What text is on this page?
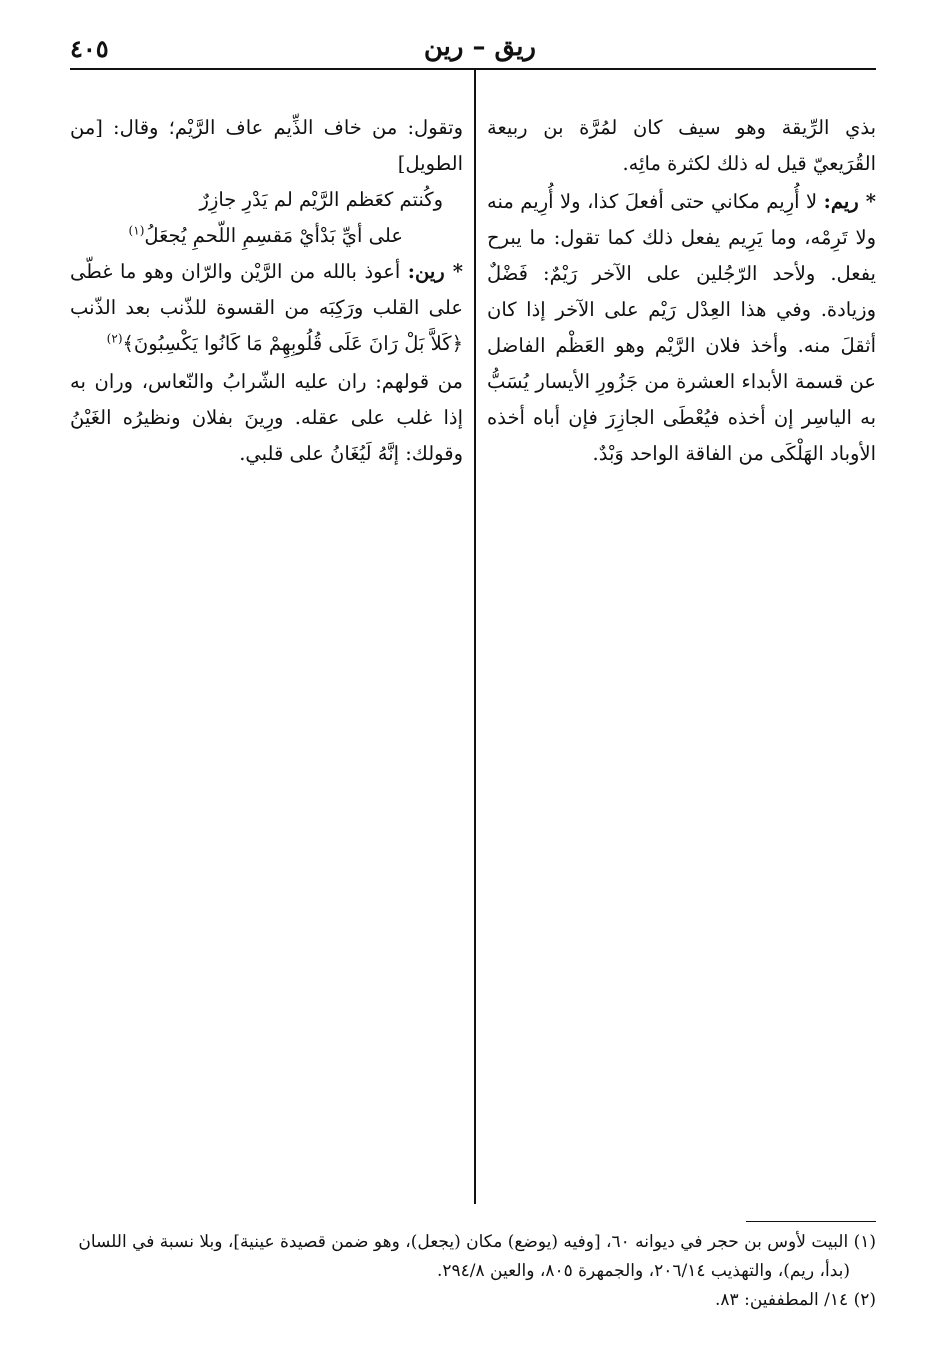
ريق – رين
٤٠٥

بذي الرِّيقة وهو سيف كان لمُرَّة بن ربيعة القُرَيعيّ قيل له ذلك لكثرة مائِه.

* ريم: لا أُرِيم مكاني حتى أفعلَ كذا، ولا أُرِيم منه ولا تَرِمْه، وما يَرِيم يفعل ذلك كما تقول: ما يبرح يفعل. ولأحد الرّجُلين على الآخر رَيْمٌ: فَضْلٌ وزيادة. وفي هذا العِدْل رَيْم على الآخر إذا كان أثقلَ منه. وأخذ فلان الرَّيْم وهو العَظْم الفاضل عن قسمة الأبداء العشرة من جَزُورِ الأيسار يُسَبُّ به الياسِر إن أخذه فيُعْطَى الجازِرَ فإن أباه أخذه الأوباد الهَلْكَى من الفاقة الواحد وَبْدٌ.

وتقول: من خاف الذِّيم عاف الرَّيْم؛ وقال: [من الطويل]

وكُنتم كعَظم الرَّيْم لم يَدْرِ جازِرٌ
على أيِّ بَدْأيْ مَقسِمِ اللّحمِ يُجعَلُ$^{(١)}$

* رين: أعوذ بالله من الرَّيْن والرّان وهو ما غطّى على القلب ورَكِبَه من القسوة للذّنب بعد الذّنب ﴿كَلاَّ بَلْ رَانَ عَلَى قُلُوبِهِمْ مَا كَانُوا يَكْسِبُونَ﴾$^{(٢)}$

من قولهم: ران عليه الشّرابُ والنّعاس، وران به إذا غلب على عقله. ورِينَ بفلان ونظيرُه الغَيْنُ وقولك: إنَّهُ لَيُغَانُ على قلبي.

(١) البيت لأوس بن حجر في ديوانه ٦٠، [وفيه (يوضع) مكان (يجعل)، وهو ضمن قصيدة عينية]، وبلا نسبة في اللسان
(بدأ، ريم)، والتهذيب ٢٠٦/١٤، والجمهرة ٨٠٥، والعين ٢٩٤/٨.

(٢) ١٤/ المطففين: ٨٣.
